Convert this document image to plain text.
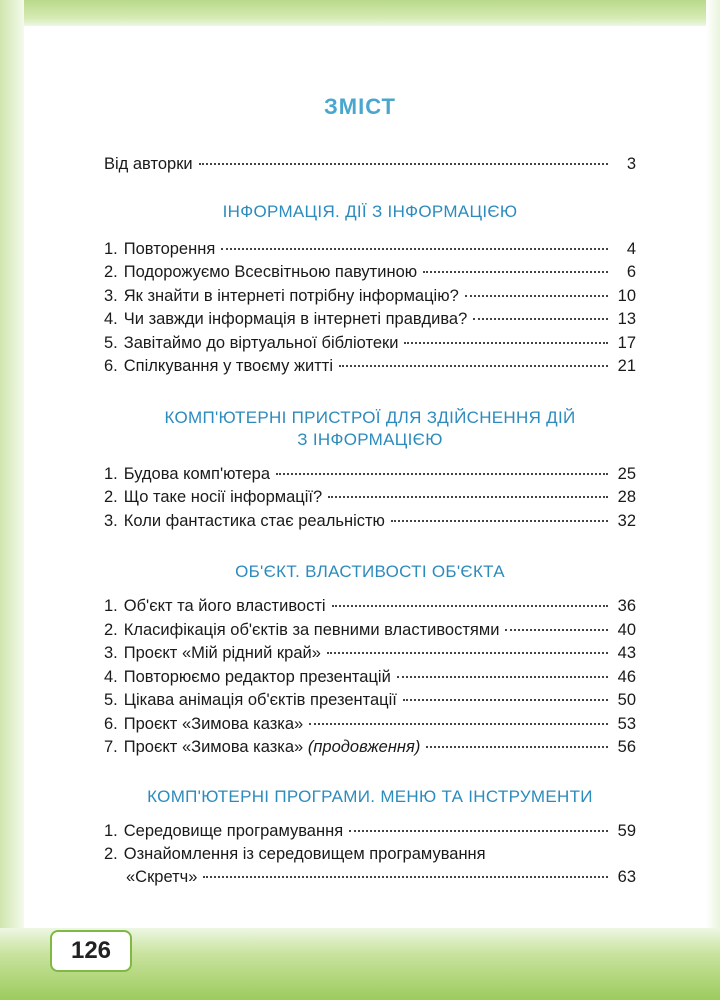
ЗМІСТ
Від авторки	3
ІНФОРМАЦІЯ. ДІЇ З ІНФОРМАЦІЄЮ
1. Повторення	4
2. Подорожуємо Всесвітньою павутиною	6
3. Як знайти в інтернеті потрібну інформацію?	10
4. Чи завжди інформація в інтернеті правдива?	13
5. Завітаймо до віртуальної бібліотеки	17
6. Спілкування у твоєму житті	21
КОМП'ЮТЕРНІ ПРИСТРОЇ ДЛЯ ЗДІЙСНЕННЯ ДІЙ
З ІНФОРМАЦІЄЮ
1. Будова комп'ютера	25
2. Що таке носії інформації?	28
3. Коли фантастика стає реальністю	32
ОБ'ЄКТ. ВЛАСТИВОСТІ ОБ'ЄКТА
1. Об'єкт та його властивості	36
2. Класифікація об'єктів за певними властивостями	40
3. Проєкт «Мій рідний край»	43
4. Повторюємо редактор презентацій	46
5. Цікава анімація об'єктів презентації	50
6. Проєкт «Зимова казка»	53
7. Проєкт «Зимова казка» (продовження)	56
КОМП'ЮТЕРНІ ПРОГРАМИ. МЕНЮ ТА ІНСТРУМЕНТИ
1. Середовище програмування	59
2. Ознайомлення із середовищем програмування
«Скретч»	63
126
